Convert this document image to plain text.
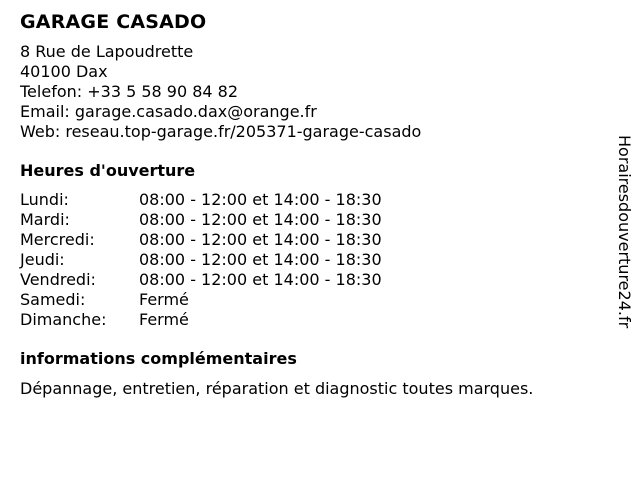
GARAGE CASADO
8 Rue de Lapoudrette
40100 Dax
Telefon: +33 5 58 90 84 82
Email: garage.casado.dax@orange.fr
Web: reseau.top-garage.fr/205371-garage-casado
Heures d'ouverture
Lundi:	08:00 - 12:00 et 14:00 - 18:30
Mardi:	08:00 - 12:00 et 14:00 - 18:30
Mercredi:	08:00 - 12:00 et 14:00 - 18:30
Jeudi:	08:00 - 12:00 et 14:00 - 18:30
Vendredi:	08:00 - 12:00 et 14:00 - 18:30
Samedi:	Fermé
Dimanche:	Fermé
informations complémentaires
Dépannage, entretien, réparation et diagnostic toutes marques.
Horairesdouverture24.fr
